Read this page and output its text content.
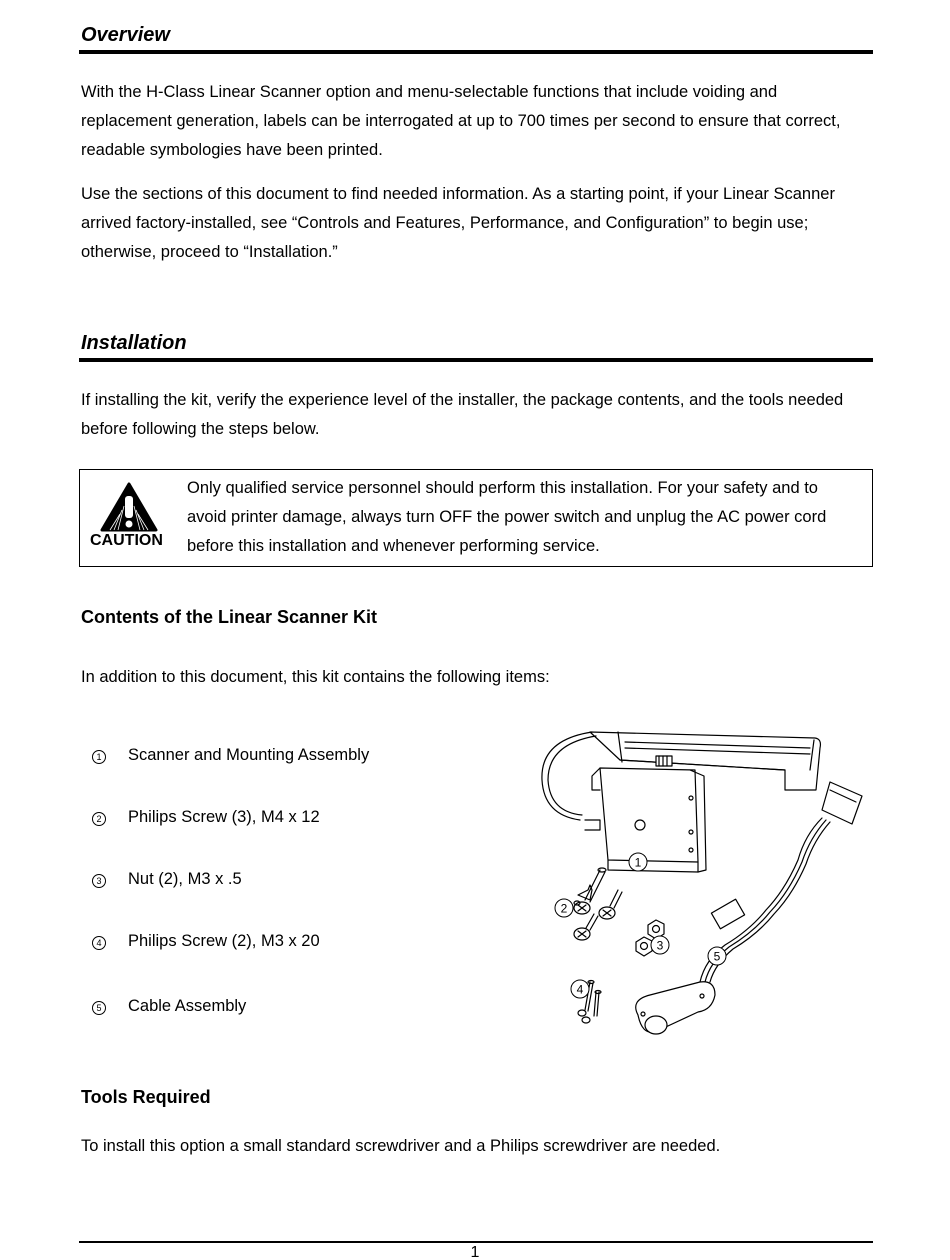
Overview
With the H-Class Linear Scanner option and menu-selectable functions that include voiding and
replacement generation, labels can be interrogated at up to 700 times per second to ensure that correct,
readable symbologies have been printed.
Use the sections of this document to find needed information. As a starting point, if your Linear Scanner
arrived factory-installed, see “Controls and Features, Performance, and Configuration” to begin use;
otherwise, proceed to “Installation.”
Installation
If installing the kit, verify the experience level of the installer, the package contents, and the tools needed
before following the steps below.
CAUTION
Only qualified service personnel should perform this installation. For your safety and to
avoid printer damage, always turn OFF the power switch and unplug the AC power cord
before this installation and whenever performing service.
Contents of the Linear Scanner Kit
In addition to this document, this kit contains the following items:
1 Scanner and Mounting Assembly
2 Philips Screw (3), M4 x 12
3 Nut (2), M3 x .5
4 Philips Screw (2), M3 x 20
5 Cable Assembly
1
2
3
4
5
Tools Required
To install this option a small standard screwdriver and a Philips screwdriver are needed.
1
